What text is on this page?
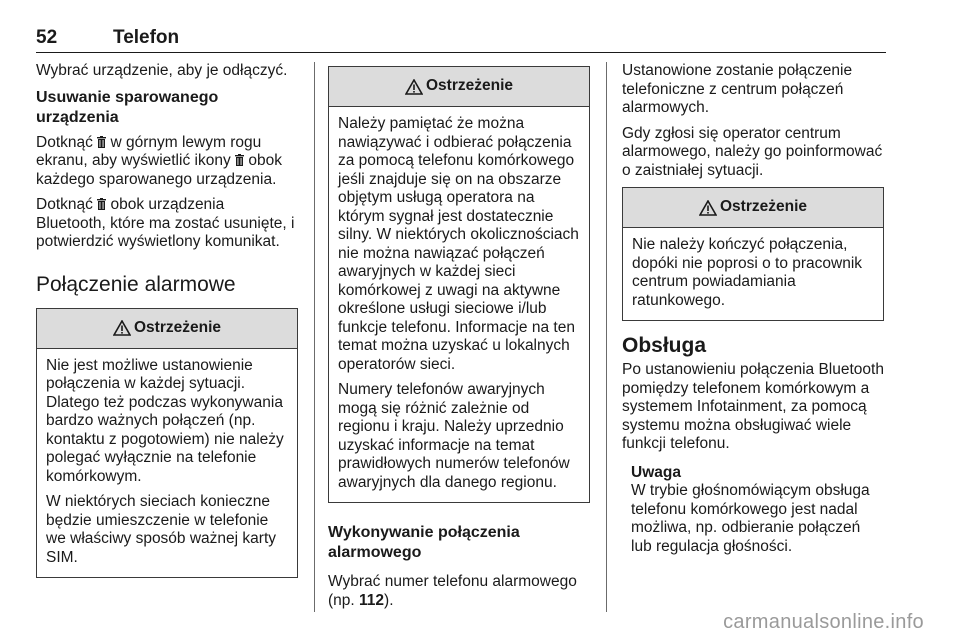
52	Telefon

Wybrać urządzenie, aby je odłączyć.

Usuwanie sparowanego urządzenia

Dotknąć w górnym lewym rogu ekranu, aby wyświetlić ikony obok każdego sparowanego urządzenia.

Dotknąć obok urządzenia Bluetooth, które ma zostać usunięte, i potwierdzić wyświetlony komunikat.

Połączenie alarmowe
Ostrzeżenie

Nie jest możliwe ustanowienie połączenia w każdej sytuacji. Dlatego też podczas wykonywania bardzo ważnych połączeń (np. kontaktu z pogotowiem) nie należy polegać wyłącznie na telefonie komórkowym.

W niektórych sieciach konieczne będzie umieszczenie w telefonie we właściwy sposób ważnej karty SIM.

Ostrzeżenie

Należy pamiętać że można nawiązywać i odbierać połączenia za pomocą telefonu komórkowego jeśli znajduje się on na obszarze objętym usługą operatora na którym sygnał jest dostatecznie silny. W niektórych okolicznościach nie można nawiązać połączeń awaryjnych w każdej sieci komórkowej z uwagi na aktywne określone usługi sieciowe i/lub funkcje telefonu. Informacje na ten temat można uzyskać u lokalnych operatorów sieci.

Numery telefonów awaryjnych mogą się różnić zależnie od regionu i kraju. Należy uprzednio uzyskać informacje na temat prawidłowych numerów telefonów awaryjnych dla danego regionu.

Wykonywanie połączenia alarmowego

Wybrać numer telefonu alarmowego (np. 112).

Ustanowione zostanie połączenie telefoniczne z centrum połączeń alarmowych.

Gdy zgłosi się operator centrum alarmowego, należy go poinformować o zaistniałej sytuacji.

Ostrzeżenie

Nie należy kończyć połączenia, dopóki nie poprosi o to pracownik centrum powiadamiania ratunkowego.

Obsługa

Po ustanowieniu połączenia Bluetooth pomiędzy telefonem komórkowym a systemem Infotainment, za pomocą systemu można obsługiwać wiele funkcji telefonu.

Uwaga
W trybie głośnomówiącym obsługa telefonu komórkowego jest nadal możliwa, np. odbieranie połączeń lub regulacja głośności.
carmanualsonline.info
